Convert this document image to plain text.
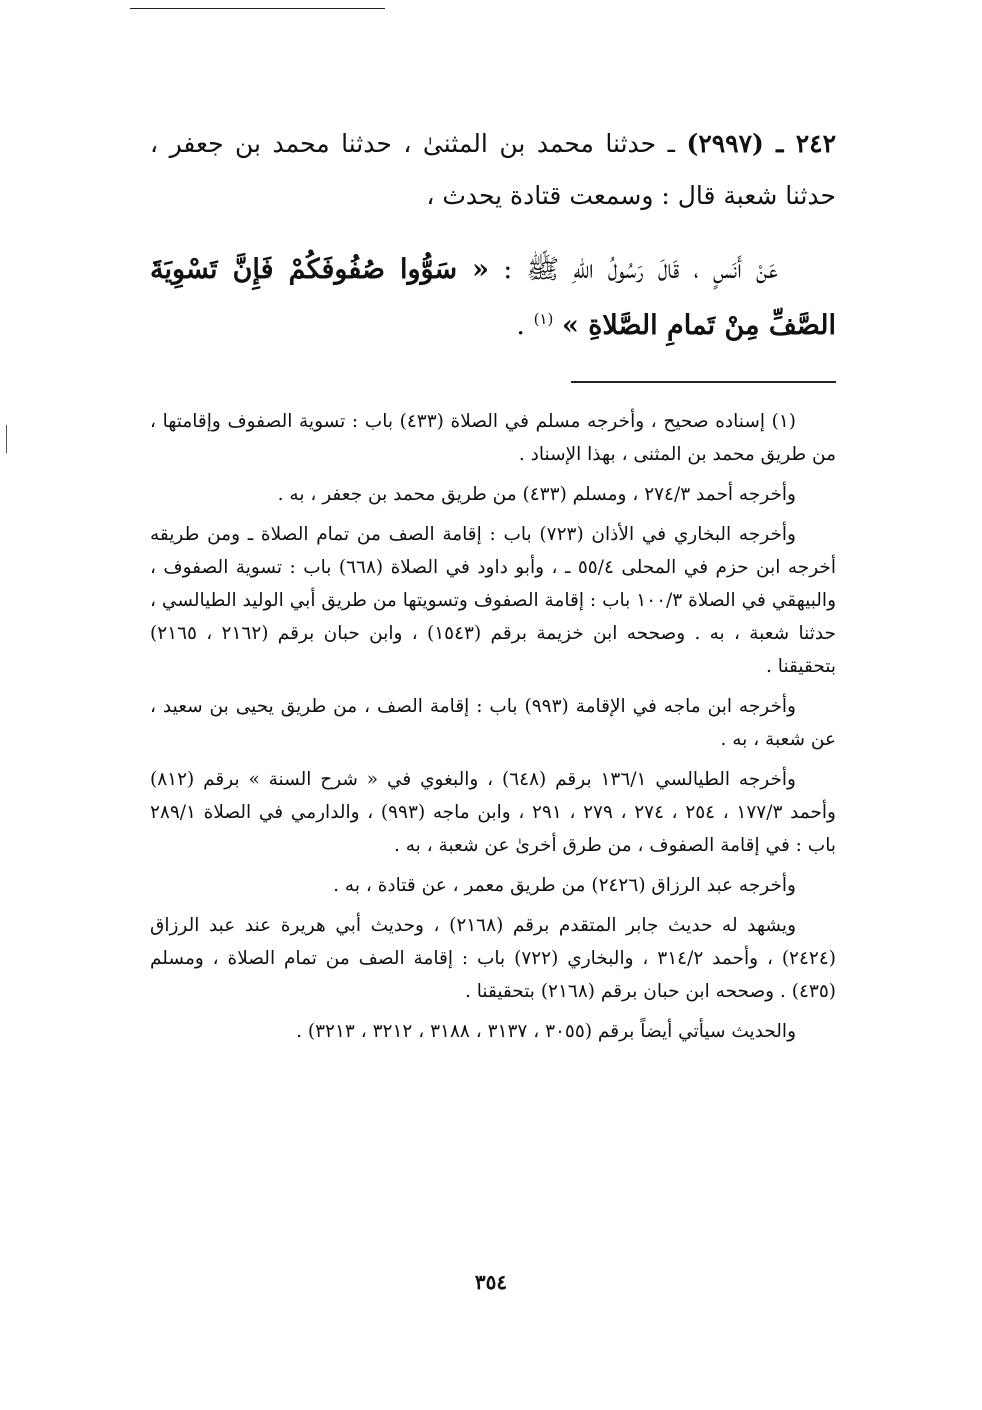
٢٤٢ ـ (٢٩٩٧) ـ حدثنا محمد بن المثنىٰ ، حدثنا محمد بن جعفر ، حدثنا شعبة قال : وسمعت قتادة يحدث ،

عَنْ أَنَسٍ ، قَالَ رَسُولُ اللهِ ﷺ : « سَوُّوا صُفُوفَكُمْ فَإِنَّ تَسْوِيَةَ الصَّفِّ مِنْ تَمامِ الصَّلاةِ » $^{(١)}$ .

(١) إسناده صحيح ، وأخرجه مسلم في الصلاة (٤٣٣) باب : تسوية الصفوف وإقامتها ، من طريق محمد بن المثنى ، بهذا الإسناد .

وأخرجه أحمد ٢٧٤/٣ ، ومسلم (٤٣٣) من طريق محمد بن جعفر ، به .

وأخرجه البخاري في الأذان (٧٢٣) باب : إقامة الصف من تمام الصلاة ـ ومن طريقه أخرجه ابن حزم في المحلى ٥٥/٤ ـ ، وأبو داود في الصلاة (٦٦٨) باب : تسوية الصفوف ، والبيهقي في الصلاة ١٠٠/٣ باب : إقامة الصفوف وتسويتها من طريق أبي الوليد الطيالسي ، حدثنا شعبة ، به . وصححه ابن خزيمة برقم (١٥٤٣) ، وابن حبان برقم (٢١٦٢ ، ٢١٦٥) بتحقيقنا .

وأخرجه ابن ماجه في الإقامة (٩٩٣) باب : إقامة الصف ، من طريق يحيى بن سعيد ، عن شعبة ، به .

وأخرجه الطيالسي ١٣٦/١ برقم (٦٤٨) ، والبغوي في « شرح السنة » برقم (٨١٢) وأحمد ١٧٧/٣ ، ٢٥٤ ، ٢٧٤ ، ٢٧٩ ، ٢٩١ ، وابن ماجه (٩٩٣) ، والدارمي في الصلاة ٢٨٩/١ باب : في إقامة الصفوف ، من طرق أخرىٰ عن شعبة ، به .

وأخرجه عبد الرزاق (٢٤٢٦) من طريق معمر ، عن قتادة ، به .

ويشهد له حديث جابر المتقدم برقم (٢١٦٨) ، وحديث أبي هريرة عند عبد الرزاق (٢٤٢٤) ، وأحمد ٣١٤/٢ ، والبخاري (٧٢٢) باب : إقامة الصف من تمام الصلاة ، ومسلم (٤٣٥) . وصححه ابن حبان برقم (٢١٦٨) بتحقيقنا .

والحديث سيأتي أيضاً برقم (٣٠٥٥ ، ٣١٣٧ ، ٣١٨٨ ، ٣٢١٢ ، ٣٢١٣) .

٣٥٤
